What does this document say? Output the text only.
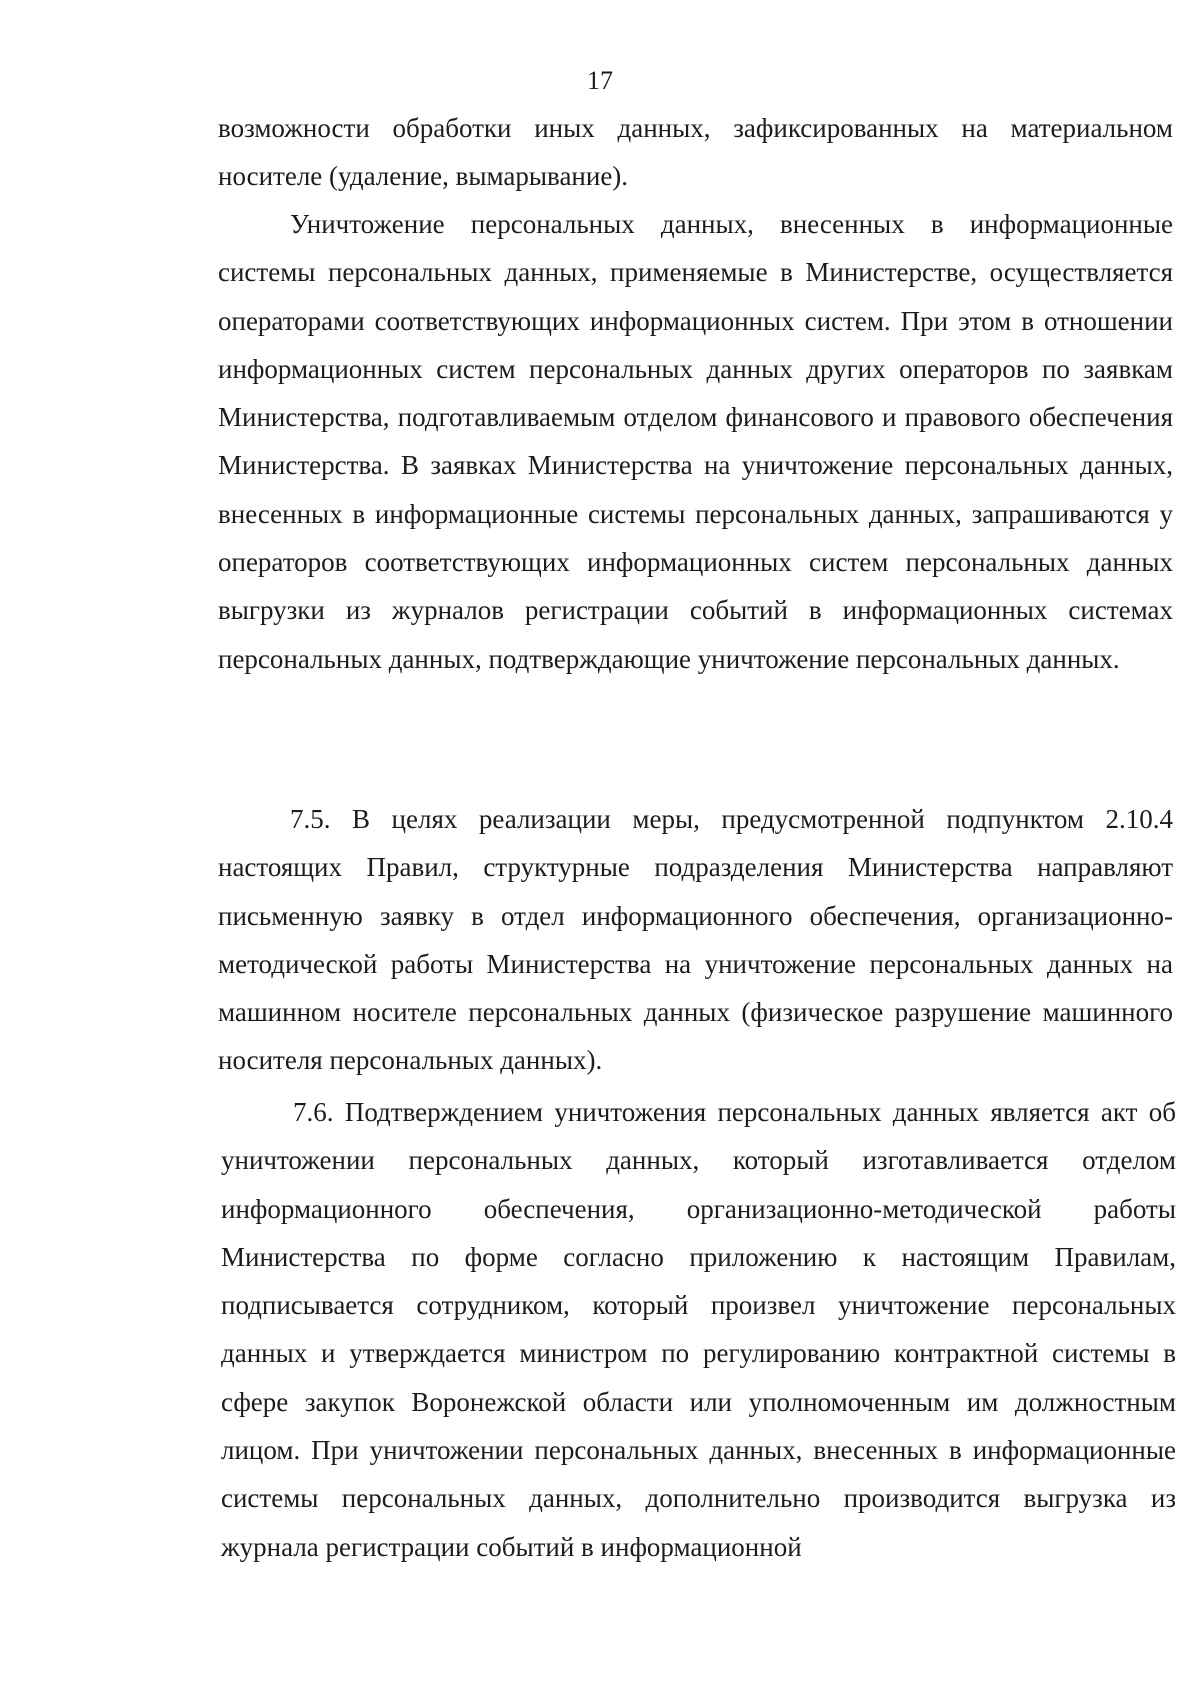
17

возможности обработки иных данных, зафиксированных на материальном носителе (удаление, вымарывание).

Уничтожение персональных данных, внесенных в информационные системы персональных данных, применяемые в Министерстве, осуществляется операторами соответствующих информационных систем. При этом в отношении информационных систем персональных данных других операторов по заявкам Министерства, подготавливаемым отделом финансового и правового обеспечения Министерства. В заявках Министерства на уничтожение персональных данных, внесенных в информационные системы персональных данных, запрашиваются у операторов соответствующих информационных систем персональных данных выгрузки из журналов регистрации событий в информационных системах персональных данных, подтверждающие уничтожение персональных данных.

7.5. В целях реализации меры, предусмотренной подпунктом 2.10.4 настоящих Правил, структурные подразделения Министерства направляют письменную заявку в отдел информационного обеспечения, организационно-методической работы Министерства на уничтожение персональных данных на машинном носителе персональных данных (физическое разрушение машинного носителя персональных данных).

7.6. Подтверждением уничтожения персональных данных является акт об уничтожении персональных данных, который изготавливается отделом информационного обеспечения, организационно-методической работы Министерства по форме согласно приложению к настоящим Правилам, подписывается сотрудником, который произвел уничтожение персональных данных и утверждается министром по регулированию контрактной системы в сфере закупок Воронежской области или уполномоченным им должностным лицом. При уничтожении персональных данных, внесенных в информационные системы персональных данных, дополнительно производится выгрузка из журнала регистрации событий в информационной
